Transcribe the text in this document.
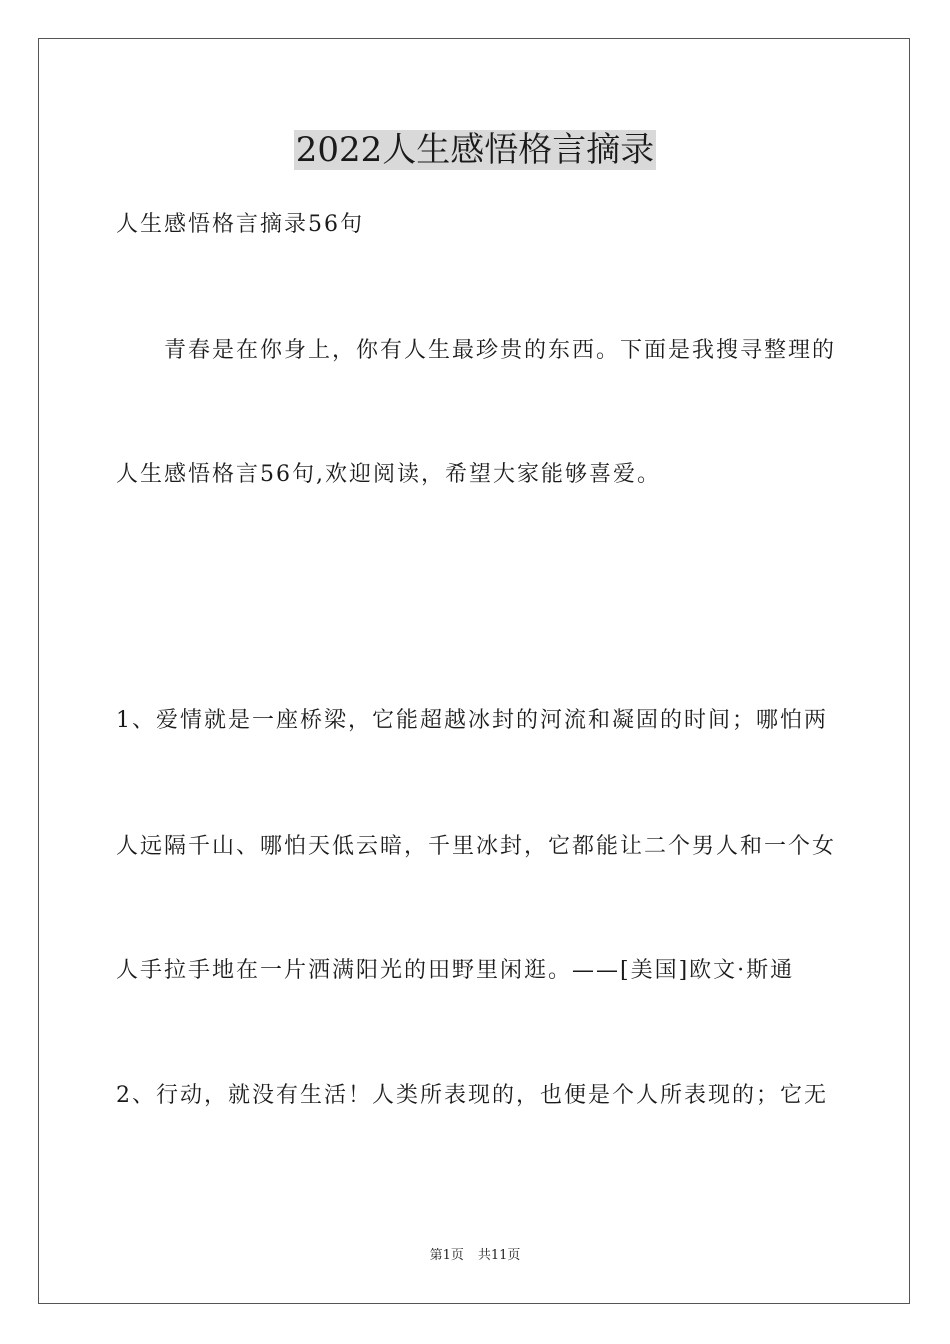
2022人生感悟格言摘录

人生感悟格言摘录56句

　　青春是在你身上，你有人生最珍贵的东西。下面是我搜寻整理的

人生感悟格言56句,欢迎阅读，希望大家能够喜爱。

1、爱情就是一座桥梁，它能超越冰封的河流和凝固的时间；哪怕两

人远隔千山、哪怕天低云暗，千里冰封，它都能让二个男人和一个女

人手拉手地在一片洒满阳光的田野里闲逛。——[美国]欧文·斯通

2、行动，就没有生活！人类所表现的，也便是个人所表现的；它无

第1页 共11页
